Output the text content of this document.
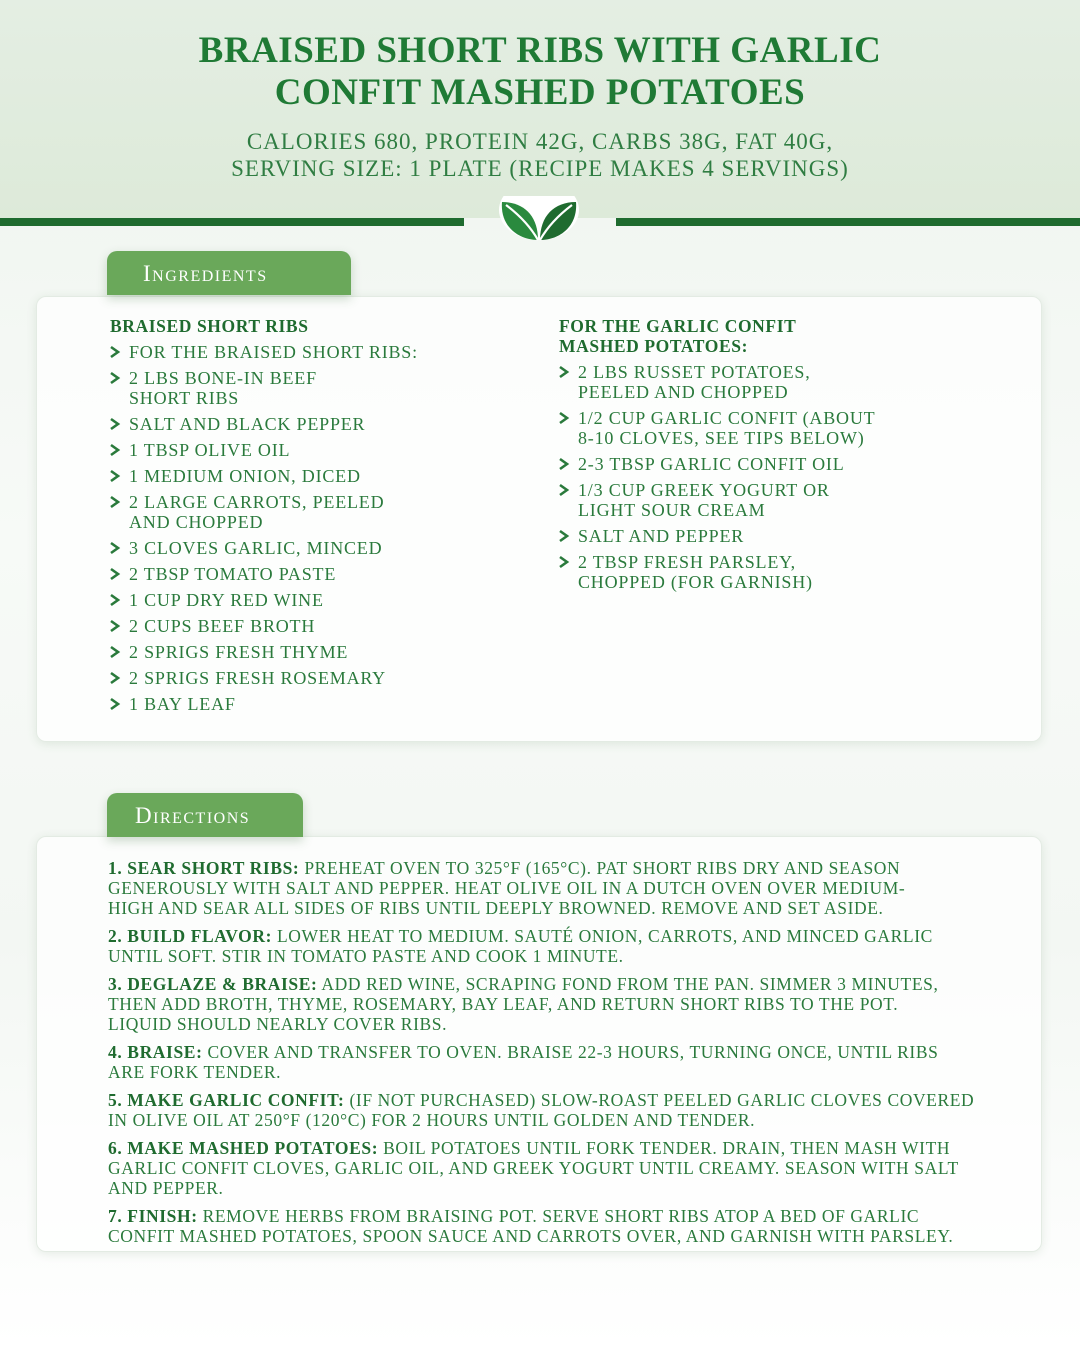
BRAISED SHORT RIBS WITH GARLIC
CONFIT MASHED POTATOES
CALORIES 680, PROTEIN 42G, CARBS 38G, FAT 40G,
SERVING SIZE: 1 PLATE (RECIPE MAKES 4 SERVINGS)
Ingredients
BRAISED SHORT RIBS
FOR THE BRAISED SHORT RIBS:
2 LBS BONE-IN BEEF
SHORT RIBS
SALT AND BLACK PEPPER
1 TBSP OLIVE OIL
1 MEDIUM ONION, DICED
2 LARGE CARROTS, PEELED
AND CHOPPED
3 CLOVES GARLIC, MINCED
2 TBSP TOMATO PASTE
1 CUP DRY RED WINE
2 CUPS BEEF BROTH
2 SPRIGS FRESH THYME
2 SPRIGS FRESH ROSEMARY
1 BAY LEAF
FOR THE GARLIC CONFIT
MASHED POTATOES:
2 LBS RUSSET POTATOES,
PEELED AND CHOPPED
1/2 CUP GARLIC CONFIT (ABOUT
8-10 CLOVES, SEE TIPS BELOW)
2-3 TBSP GARLIC CONFIT OIL
1/3 CUP GREEK YOGURT OR
LIGHT SOUR CREAM
SALT AND PEPPER
2 TBSP FRESH PARSLEY,
CHOPPED (FOR GARNISH)
Directions
1. SEAR SHORT RIBS: PREHEAT OVEN TO 325°F (165°C). PAT SHORT RIBS DRY AND SEASON
GENEROUSLY WITH SALT AND PEPPER. HEAT OLIVE OIL IN A DUTCH OVEN OVER MEDIUM-
HIGH AND SEAR ALL SIDES OF RIBS UNTIL DEEPLY BROWNED. REMOVE AND SET ASIDE.
2. BUILD FLAVOR: LOWER HEAT TO MEDIUM. SAUTÉ ONION, CARROTS, AND MINCED GARLIC
UNTIL SOFT. STIR IN TOMATO PASTE AND COOK 1 MINUTE.
3. DEGLAZE & BRAISE: ADD RED WINE, SCRAPING FOND FROM THE PAN. SIMMER 3 MINUTES,
THEN ADD BROTH, THYME, ROSEMARY, BAY LEAF, AND RETURN SHORT RIBS TO THE POT.
LIQUID SHOULD NEARLY COVER RIBS.
4. BRAISE: COVER AND TRANSFER TO OVEN. BRAISE 22-3 HOURS, TURNING ONCE, UNTIL RIBS
ARE FORK TENDER.
5. MAKE GARLIC CONFIT: (IF NOT PURCHASED) SLOW-ROAST PEELED GARLIC CLOVES COVERED
IN OLIVE OIL AT 250°F (120°C) FOR 2 HOURS UNTIL GOLDEN AND TENDER.
6. MAKE MASHED POTATOES: BOIL POTATOES UNTIL FORK TENDER. DRAIN, THEN MASH WITH
GARLIC CONFIT CLOVES, GARLIC OIL, AND GREEK YOGURT UNTIL CREAMY. SEASON WITH SALT
AND PEPPER.
7. FINISH: REMOVE HERBS FROM BRAISING POT. SERVE SHORT RIBS ATOP A BED OF GARLIC
CONFIT MASHED POTATOES, SPOON SAUCE AND CARROTS OVER, AND GARNISH WITH PARSLEY.
